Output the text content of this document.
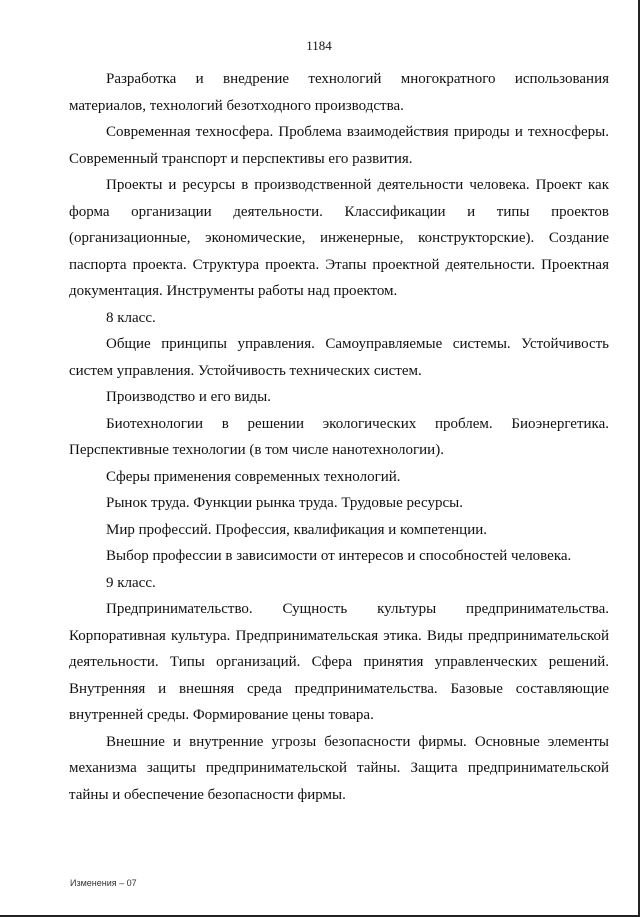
1184

Разработка и внедрение технологий многократного использования материалов, технологий безотходного производства.

Современная техносфера. Проблема взаимодействия природы и техносферы. Современный транспорт и перспективы его развития.

Проекты и ресурсы в производственной деятельности человека. Проект как форма организации деятельности. Классификации и типы проектов (организационные, экономические, инженерные, конструкторские). Создание паспорта проекта. Структура проекта. Этапы проектной деятельности. Проектная документация. Инструменты работы над проектом.

8 класс.

Общие принципы управления. Самоуправляемые системы. Устойчивость систем управления. Устойчивость технических систем.

Производство и его виды.

Биотехнологии в решении экологических проблем. Биоэнергетика. Перспективные технологии (в том числе нанотехнологии).

Сферы применения современных технологий.

Рынок труда. Функции рынка труда. Трудовые ресурсы.

Мир профессий. Профессия, квалификация и компетенции.

Выбор профессии в зависимости от интересов и способностей человека.

9 класс.

Предпринимательство. Сущность культуры предпринимательства. Корпоративная культура. Предпринимательская этика. Виды предпринимательской деятельности. Типы организаций. Сфера принятия управленческих решений. Внутренняя и внешняя среда предпринимательства. Базовые составляющие внутренней среды. Формирование цены товара.

Внешние и внутренние угрозы безопасности фирмы. Основные элементы механизма защиты предпринимательской тайны. Защита предпринимательской тайны и обеспечение безопасности фирмы.

Изменения – 07
